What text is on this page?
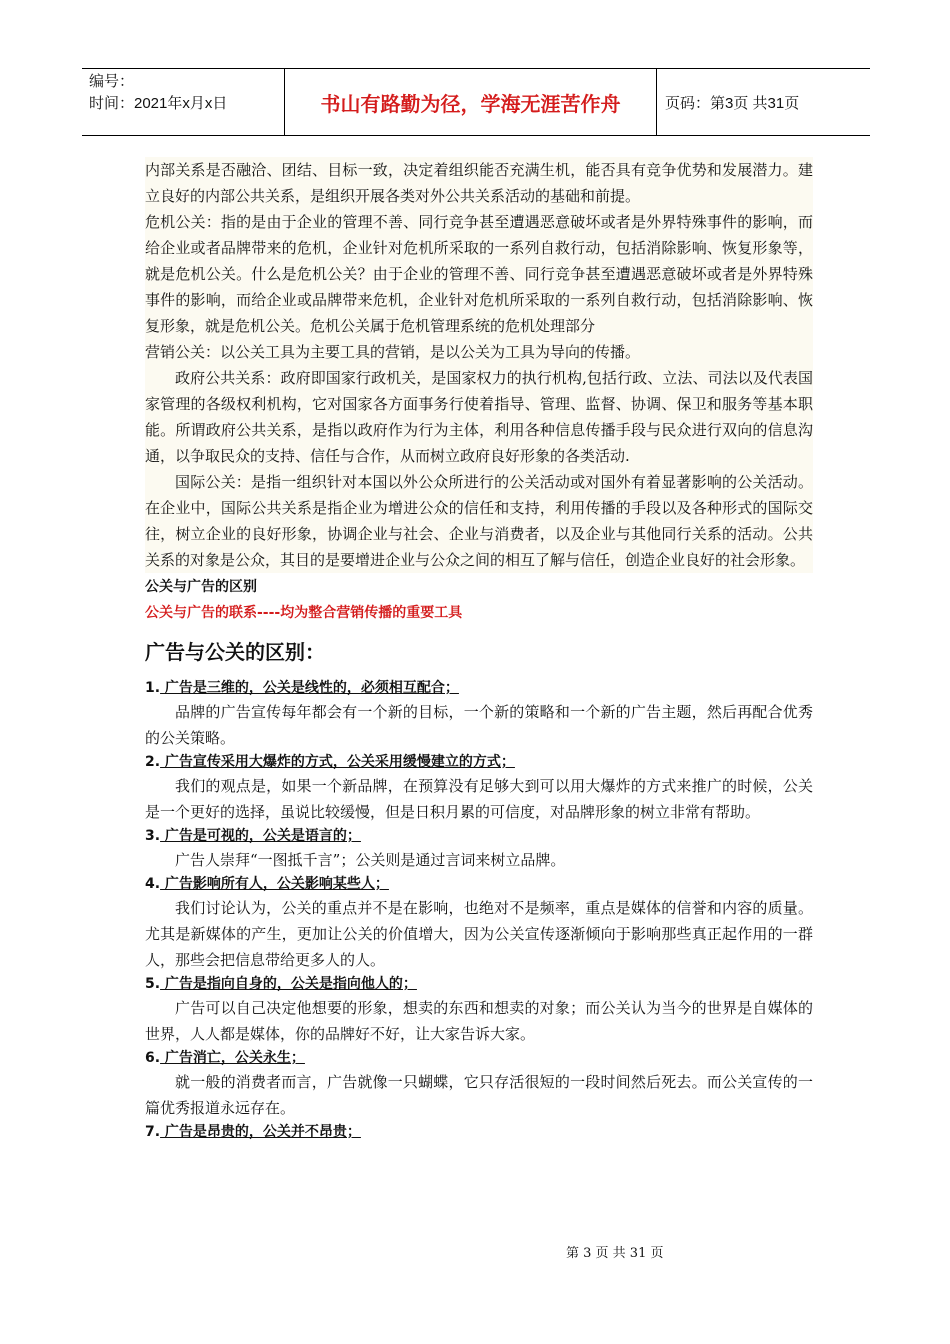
编号：
时间：2021年x月x日	书山有路勤为径，学海无涯苦作舟	页码：第3页 共31页

内部关系是否融洽、团结、目标一致，决定着组织能否充满生机，能否具有竞争优势和发展潜力。建立良好的内部公共关系，是组织开展各类对外公共关系活动的基础和前提。

危机公关：指的是由于企业的管理不善、同行竞争甚至遭遇恶意破坏或者是外界特殊事件的影响，而给企业或者品牌带来的危机，企业针对危机所采取的一系列自救行动，包括消除影响、恢复形象等，就是危机公关。什么是危机公关？由于企业的管理不善、同行竞争甚至遭遇恶意破坏或者是外界特殊事件的影响，而给企业或品牌带来危机，企业针对危机所采取的一系列自救行动，包括消除影响、恢复形象，就是危机公关。危机公关属于危机管理系统的危机处理部分

营销公关：以公关工具为主要工具的营销，是以公关为工具为导向的传播。

政府公共关系：政府即国家行政机关，是国家权力的执行机构,包括行政、立法、司法以及代表国家管理的各级权利机构，它对国家各方面事务行使着指导、管理、监督、协调、保卫和服务等基本职能。所谓政府公共关系，是指以政府作为行为主体，利用各种信息传播手段与民众进行双向的信息沟通，以争取民众的支持、信任与合作，从而树立政府良好形象的各类活动.

国际公关：是指一组织针对本国以外公众所进行的公关活动或对国外有着显著影响的公关活动。在企业中，国际公共关系是指企业为增进公众的信任和支持，利用传播的手段以及各种形式的国际交往，树立企业的良好形象，协调企业与社会、企业与消费者，以及企业与其他同行关系的活动。公共关系的对象是公众，其目的是要增进企业与公众之间的相互了解与信任，创造企业良好的社会形象。

公关与广告的区别
公关与广告的联系----均为整合营销传播的重要工具
广告与公关的区别：
1. 广告是三维的，公关是线性的，必须相互配合；

品牌的广告宣传每年都会有一个新的目标，一个新的策略和一个新的广告主题，然后再配合优秀的公关策略。

2. 广告宣传采用大爆炸的方式，公关采用缓慢建立的方式；

我们的观点是，如果一个新品牌，在预算没有足够大到可以用大爆炸的方式来推广的时候，公关是一个更好的选择，虽说比较缓慢，但是日积月累的可信度，对品牌形象的树立非常有帮助。

3. 广告是可视的，公关是语言的；

广告人崇拜“一图抵千言”；公关则是通过言词来树立品牌。

4. 广告影响所有人，公关影响某些人；

我们讨论认为，公关的重点并不是在影响，也绝对不是频率，重点是媒体的信誉和内容的质量。尤其是新媒体的产生，更加让公关的价值增大，因为公关宣传逐渐倾向于影响那些真正起作用的一群人，那些会把信息带给更多人的人。

5. 广告是指向自身的，公关是指向他人的；

广告可以自己决定他想要的形象，想卖的东西和想卖的对象；而公关认为当今的世界是自媒体的世界，人人都是媒体，你的品牌好不好，让大家告诉大家。

6. 广告消亡，公关永生；

就一般的消费者而言，广告就像一只蝴蝶，它只存活很短的一段时间然后死去。而公关宣传的一篇优秀报道永远存在。

7. 广告是昂贵的，公关并不昂贵；
第 3 页 共 31 页
